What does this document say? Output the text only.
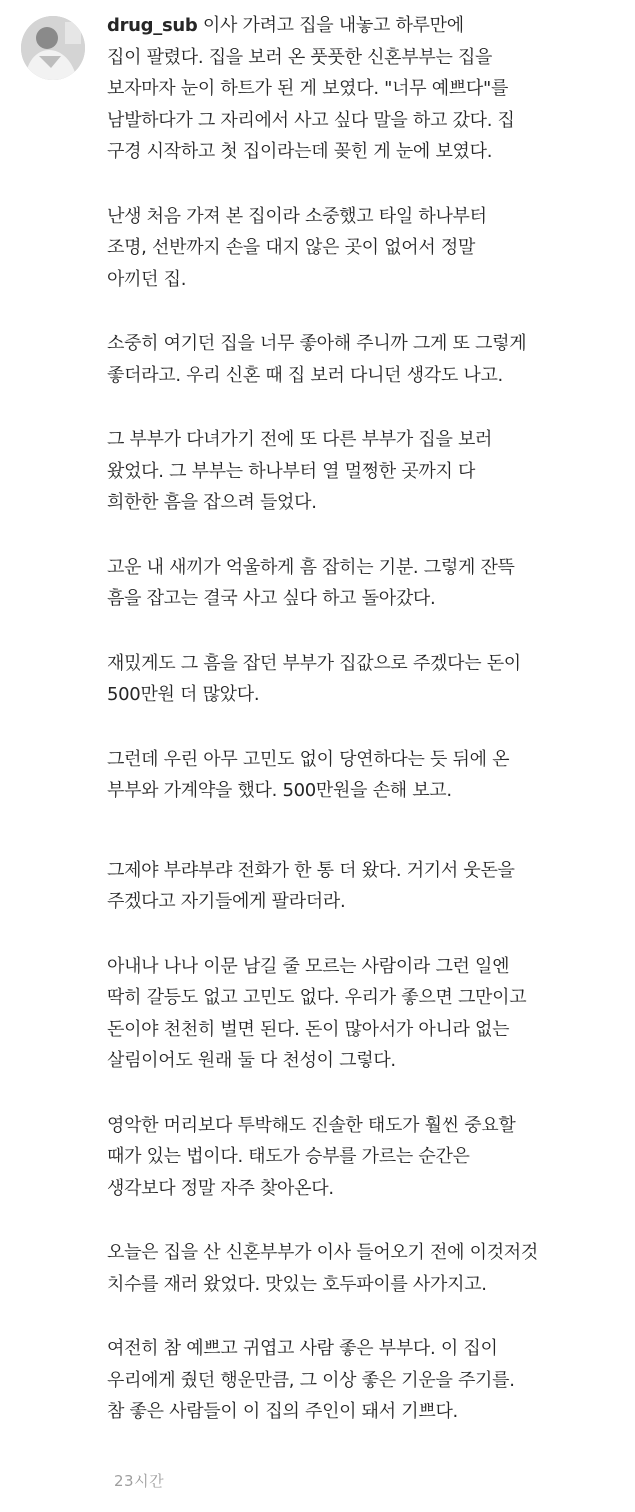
drug_sub 이사 가려고 집을 내놓고 하루만에
집이 팔렸다. 집을 보러 온 풋풋한 신혼부부는 집을
보자마자 눈이 하트가 된 게 보였다. "너무 예쁘다"를
남발하다가 그 자리에서 사고 싶다 말을 하고 갔다. 집
구경 시작하고 첫 집이라는데 꽂힌 게 눈에 보였다.

난생 처음 가져 본 집이라 소중했고 타일 하나부터
조명, 선반까지 손을 대지 않은 곳이 없어서 정말
아끼던 집.

소중히 여기던 집을 너무 좋아해 주니까 그게 또 그렇게
좋더라고. 우리 신혼 때 집 보러 다니던 생각도 나고.

그 부부가 다녀가기 전에 또 다른 부부가 집을 보러
왔었다. 그 부부는 하나부터 열 멀쩡한 곳까지 다
희한한 흠을 잡으려 들었다.

고운 내 새끼가 억울하게 흠 잡히는 기분. 그렇게 잔뜩
흠을 잡고는 결국 사고 싶다 하고 돌아갔다.

재밌게도 그 흠을 잡던 부부가 집값으로 주겠다는 돈이
500만원 더 많았다.

그런데 우린 아무 고민도 없이 당연하다는 듯 뒤에 온
부부와 가계약을 했다. 500만원을 손해 보고.

그제야 부랴부랴 전화가 한 통 더 왔다. 거기서 웃돈을
주겠다고 자기들에게 팔라더라.

아내나 나나 이문 남길 줄 모르는 사람이라 그런 일엔
딱히 갈등도 없고 고민도 없다. 우리가 좋으면 그만이고
돈이야 천천히 벌면 된다. 돈이 많아서가 아니라 없는
살림이어도 원래 둘 다 천성이 그렇다.

영악한 머리보다 투박해도 진솔한 태도가 훨씬 중요할
때가 있는 법이다. 태도가 승부를 가르는 순간은
생각보다 정말 자주 찾아온다.

오늘은 집을 산 신혼부부가 이사 들어오기 전에 이것저것
치수를 재러 왔었다. 맛있는 호두파이를 사가지고.

여전히 참 예쁘고 귀엽고 사람 좋은 부부다. 이 집이
우리에게 줬던 행운만큼, 그 이상 좋은 기운을 주기를.
참 좋은 사람들이 이 집의 주인이 돼서 기쁘다.

23시간
